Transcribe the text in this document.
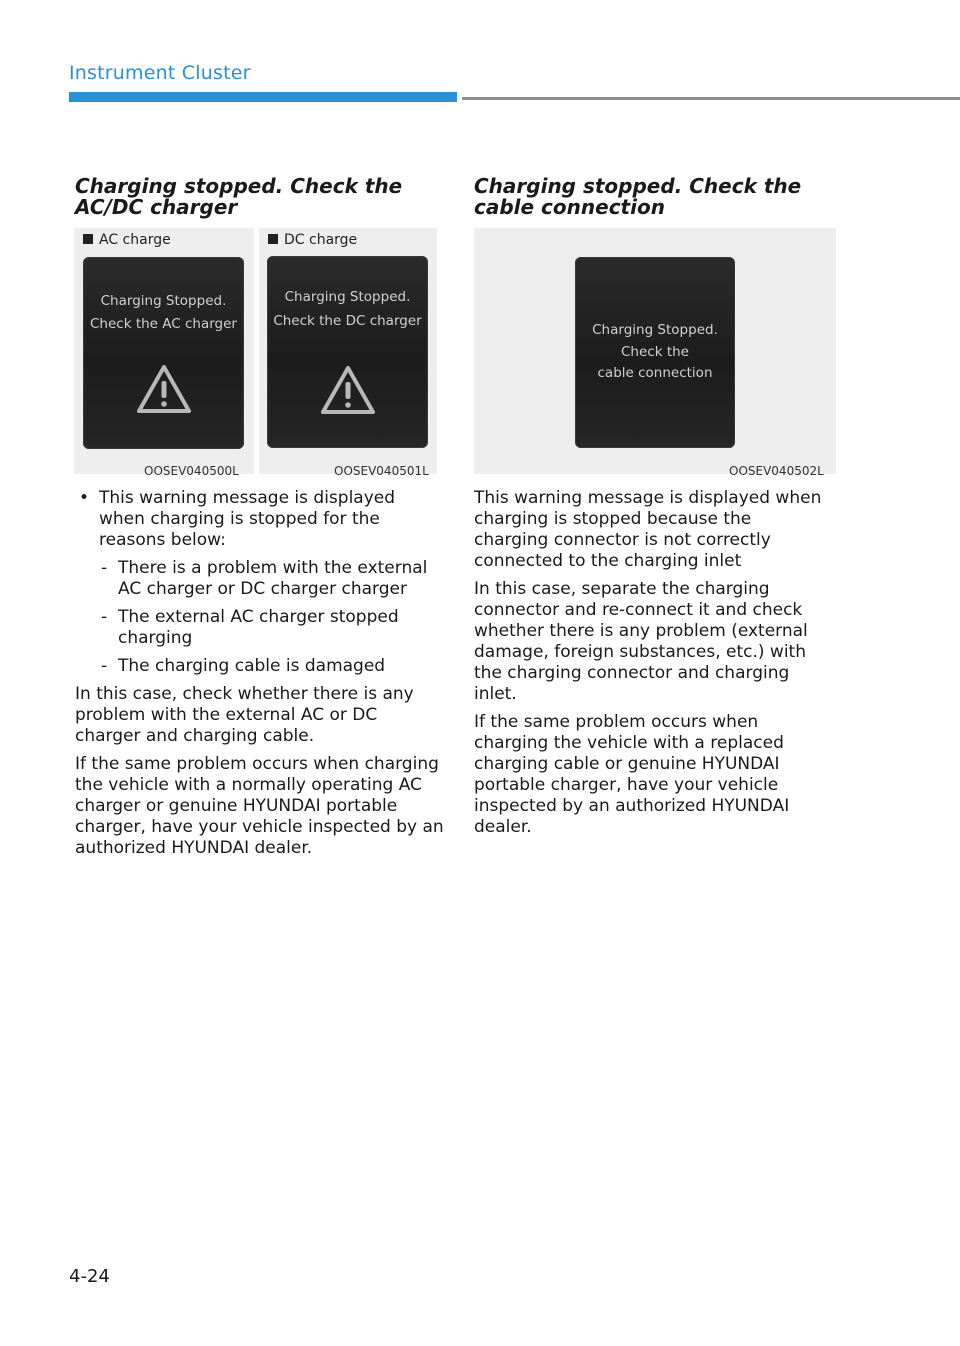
Instrument Cluster
Charging stopped. Check the AC/DC charger
AC charge
Charging Stopped.
Check the AC charger
OOSEV040500L
DC charge
Charging Stopped.
Check the DC charger
OOSEV040501L

• This warning message is displayed when charging is stopped for the reasons below:

- There is a problem with the external AC charger or DC charger charger

- The external AC charger stopped charging

- The charging cable is damaged

In this case, check whether there is any problem with the external AC or DC charger and charging cable.

If the same problem occurs when charging the vehicle with a normally operating AC charger or genuine HYUNDAI portable charger, have your vehicle inspected by an authorized HYUNDAI dealer.

Charging stopped. Check the cable connection
Charging Stopped.
Check the
cable connection
OOSEV040502L

This warning message is displayed when charging is stopped because the charging connector is not correctly connected to the charging inlet

In this case, separate the charging connector and re-connect it and check whether there is any problem (external damage, foreign substances, etc.) with the charging connector and charging inlet.

If the same problem occurs when charging the vehicle with a replaced charging cable or genuine HYUNDAI portable charger, have your vehicle inspected by an authorized HYUNDAI dealer.

4-24
